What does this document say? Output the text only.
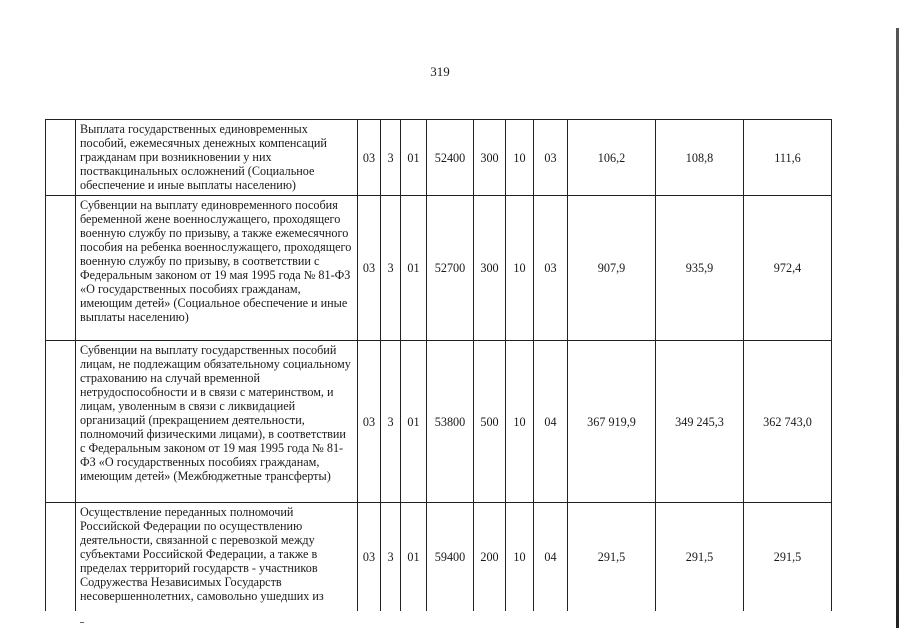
319
	Выплата государственных единовременных пособий, ежемесячных денежных компенсаций гражданам при возникновении у них поствакцинальных осложнений (Социальное обеспечение и иные выплаты населению)	03	3	01	52400	300	10	03	106,2	108,8	111,6
	Субвенции на выплату единовременного пособия беременной жене военнослужащего, проходящего военную службу по призыву, а также ежемесячного пособия на ребенка военнослужащего, проходящего военную службу по призыву, в соответствии с Федеральным законом от 19 мая 1995 года № 81-ФЗ «О государственных пособиях гражданам, имеющим детей» (Социальное обеспечение и иные выплаты населению)	03	3	01	52700	300	10	03	907,9	935,9	972,4
	Субвенции на выплату государственных пособий лицам, не подлежащим обязательному социальному страхованию на случай временной нетрудоспособности и в связи с материнством, и лицам, уволенным в связи с ликвидацией организаций (прекращением деятельности, полномочий физическими лицами), в соответствии с Федеральным законом от 19 мая 1995 года № 81-ФЗ «О государственных пособиях гражданам, имеющим детей» (Межбюджетные трансферты)	03	3	01	53800	500	10	04	367 919,9	349 245,3	362 743,0
	Осуществление переданных полномочий Российской Федерации по осуществлению деятельности, связанной с перевозкой между субъектами Российской Федерации, а также в пределах территорий государств - участников Содружества Независимых Государств несовершеннолетних, самовольно ушедших из	03	3	01	59400	200	10	04	291,5	291,5	291,5
